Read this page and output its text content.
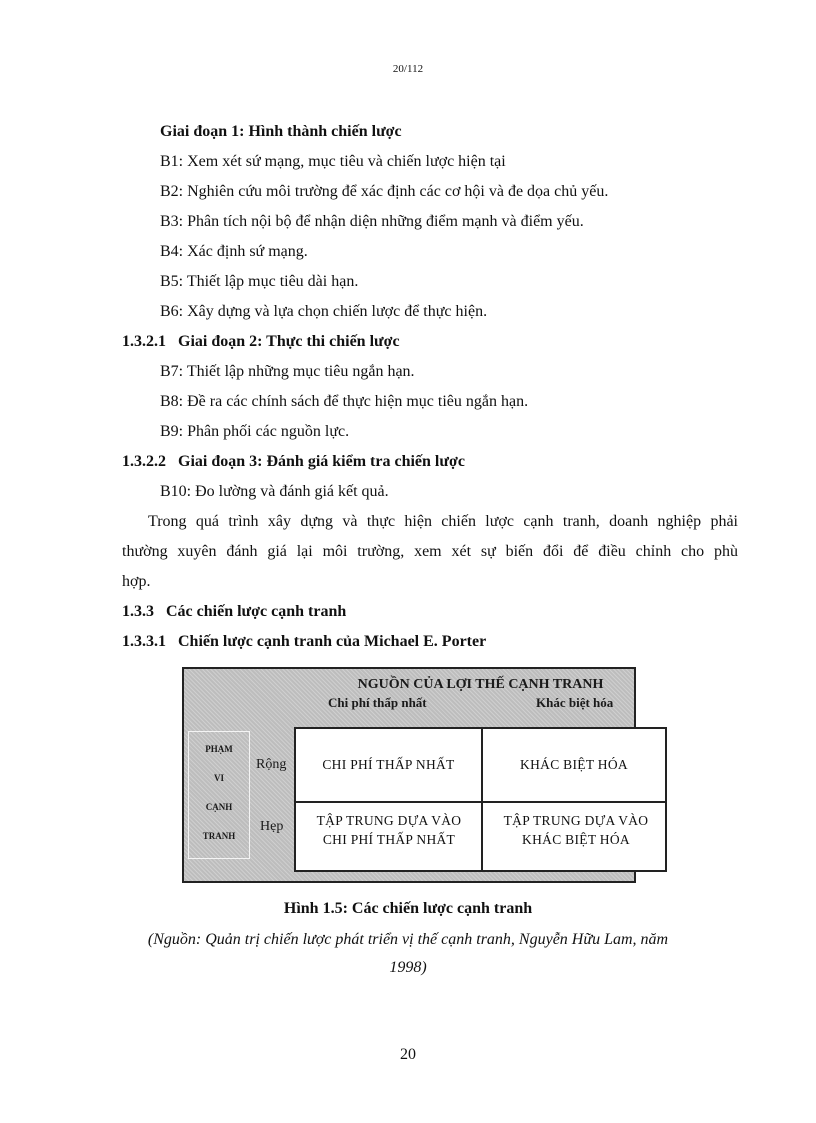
20/112
Giai đoạn 1: Hình thành chiến lược
B1: Xem xét sứ mạng, mục tiêu và chiến lược hiện tại
B2: Nghiên cứu môi trường để xác định các cơ hội và đe dọa chủ yếu.
B3: Phân tích nội bộ để nhận diện những điểm mạnh và điểm yếu.
B4: Xác định sứ mạng.
B5: Thiết lập mục tiêu dài hạn.
B6: Xây dựng và lựa chọn chiến lược để thực hiện.
1.3.2.1 Giai đoạn 2: Thực thi chiến lược
B7: Thiết lập những mục tiêu ngắn hạn.
B8: Đề ra các chính sách để thực hiện mục tiêu ngắn hạn.
B9: Phân phối các nguồn lực.
1.3.2.2 Giai đoạn 3: Đánh giá kiểm tra chiến lược
B10: Đo lường và đánh giá kết quả.
Trong quá trình xây dựng và thực hiện chiến lược cạnh tranh, doanh nghiệp phải
thường xuyên đánh giá lại môi trường, xem xét sự biến đổi để điều chỉnh cho phù
hợp.
1.3.3 Các chiến lược cạnh tranh
1.3.3.1 Chiến lược cạnh tranh của Michael E. Porter
NGUỒN CỦA LỢI THẾ CẠNH TRANH
Chi phí thấp nhất	Khác biệt hóa
PHẠM
VI
CẠNH
TRANH
Rộng
Hẹp
CHI PHÍ THẤP NHẤT	KHÁC BIỆT HÓA
TẬP TRUNG DỰA VÀO CHI PHÍ THẤP NHẤT
TẬP TRUNG DỰA VÀO KHÁC BIỆT HÓA
Hình 1.5: Các chiến lược cạnh tranh
(Nguồn: Quản trị chiến lược phát triển vị thế cạnh tranh, Nguyễn Hữu Lam, năm
1998)
20
